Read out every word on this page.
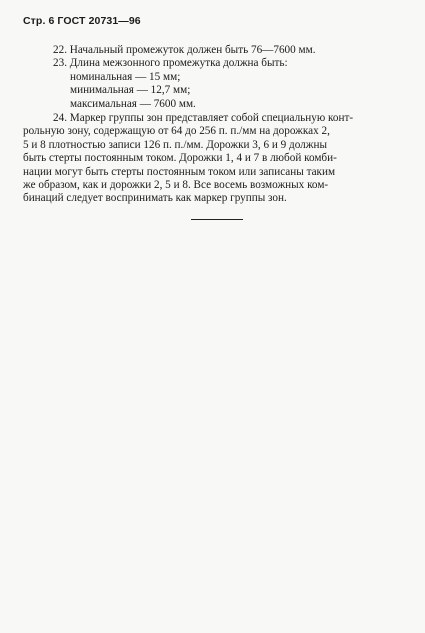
Стр. 6 ГОСТ 20731—96
22. Начальный промежуток должен быть 76—7600 мм.
23. Длина межзонного промежутка должна быть:
номинальная — 15 мм;
минимальная — 12,7 мм;
максимальная — 7600 мм.
24. Маркер группы зон представляет собой специальную конт-
рольную зону, содержащую от 64 до 256 п. п./мм на дорожках 2,
5 и 8 плотностью записи 126 п. п./мм. Дорожки 3, 6 и 9 должны
быть стерты постоянным током. Дорожки 1, 4 и 7 в любой комби-
нации могут быть стерты постоянным током или записаны таким
же образом, как и дорожки 2, 5 и 8. Все восемь возможных ком-
бинаций следует воспринимать как маркер группы зон.
